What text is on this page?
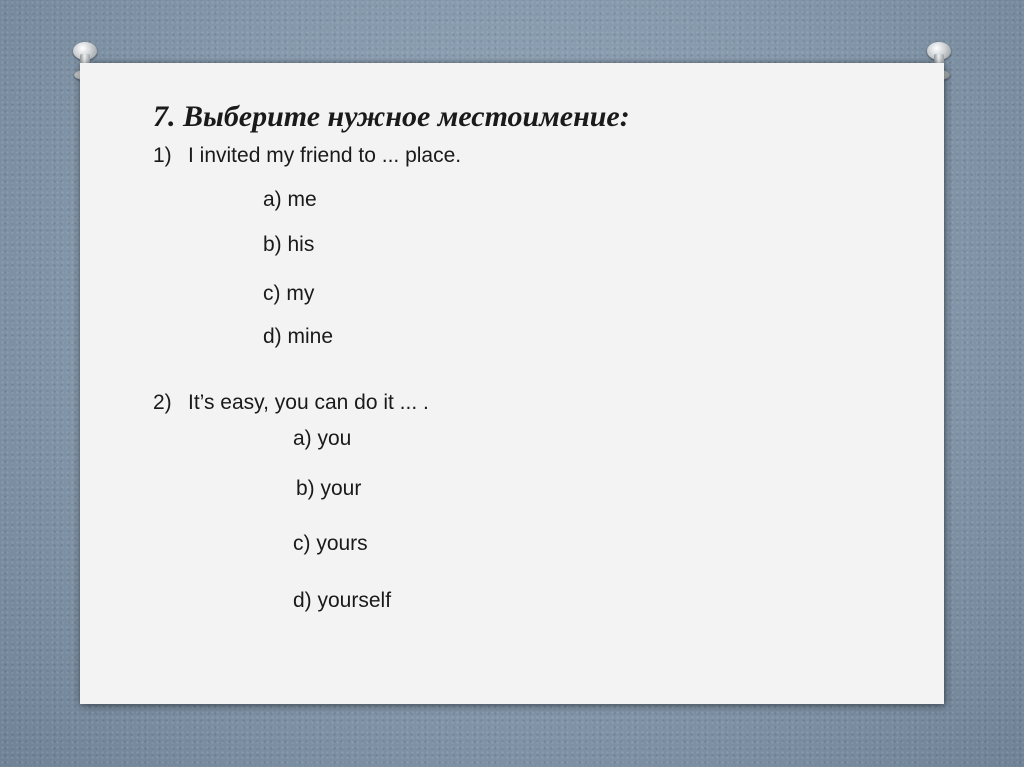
7. Выберите нужное местоимение:

1) I invited my friend to ... place.

a) me

b) his

c) my

d) mine

2) It’s easy, you can do it ... .

a) you

b) your

c) yours

d) yourself
